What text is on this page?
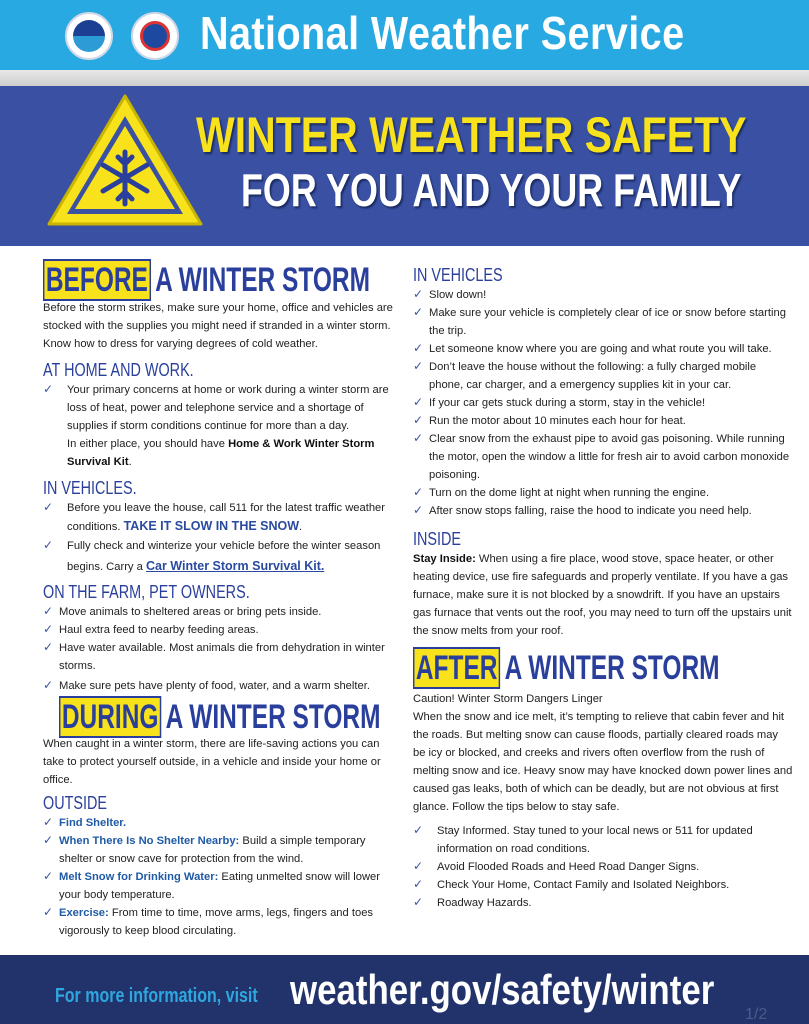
National Weather Service
WINTER WEATHER SAFETY
FOR YOU AND YOUR FAMILY
BEFORE A WINTER STORM

Before the storm strikes, make sure your home, office and vehicles are stocked with the supplies you might need if stranded in a winter storm. Know how to dress for varying degrees of cold weather.

AT HOME AND WORK.
✓ Your primary concerns at home or work during a winter storm are loss of heat, power and telephone service and a shortage of supplies if storm conditions continue for more than a day.
In either place, you should have Home & Work Winter Storm Survival Kit.
IN VEHICLES.
✓ Before you leave the house, call 511 for the latest traffic weather conditions. TAKE IT SLOW IN THE SNOW.
✓ Fully check and winterize your vehicle before the winter season begins. Carry a Car Winter Storm Survival Kit.
ON THE FARM, PET OWNERS.
✓ Move animals to sheltered areas or bring pets inside.
✓ Haul extra feed to nearby feeding areas.
✓ Have water available. Most animals die from dehydration in winter storms.
✓ Make sure pets have plenty of food, water, and a warm shelter.
DURING A WINTER STORM

When caught in a winter storm, there are life-saving actions you can take to protect yourself outside, in a vehicle and inside your home or office.

OUTSIDE
✓ Find Shelter.
✓ When There Is No Shelter Nearby: Build a simple temporary shelter or snow cave for protection from the wind.
✓ Melt Snow for Drinking Water: Eating unmelted snow will lower your body temperature.
✓ Exercise: From time to time, move arms, legs, fingers and toes vigorously to keep blood circulating.
IN VEHICLES
✓ Slow down!
✓ Make sure your vehicle is completely clear of ice or snow before starting the trip.
✓ Let someone know where you are going and what route you will take.
✓ Don’t leave the house without the following: a fully charged mobile phone, car charger, and a emergency supplies kit in your car.
✓ If your car gets stuck during a storm, stay in the vehicle!
✓ Run the motor about 10 minutes each hour for heat.
✓ Clear snow from the exhaust pipe to avoid gas poisoning. While running the motor, open the window a little for fresh air to avoid carbon monoxide poisoning.
✓ Turn on the dome light at night when running the engine.
✓ After snow stops falling, raise the hood to indicate you need help.
INSIDE

Stay Inside: When using a fire place, wood stove, space heater, or other heating device, use fire safeguards and properly ventilate. If you have a gas furnace, make sure it is not blocked by a snowdrift. If you have an upstairs gas furnace that vents out the roof, you may need to turn off the upstairs unit the snow melts from your roof.

AFTER A WINTER STORM

Caution! Winter Storm Dangers Linger

When the snow and ice melt, it’s tempting to relieve that cabin fever and hit the roads. But melting snow can cause floods, partially cleared roads may be icy or blocked, and creeks and rivers often overflow from the rush of melting snow and ice. Heavy snow may have knocked down power lines and caused gas leaks, both of which can be deadly, but are not obvious at first glance. Follow the tips below to stay safe.

✓ Stay Informed. Stay tuned to your local news or 511 for updated information on road conditions.
✓ Avoid Flooded Roads and Heed Road Danger Signs.
✓ Check Your Home, Contact Family and Isolated Neighbors.
✓ Roadway Hazards.
For more information, visit weather.gov/safety/winter
1/2
